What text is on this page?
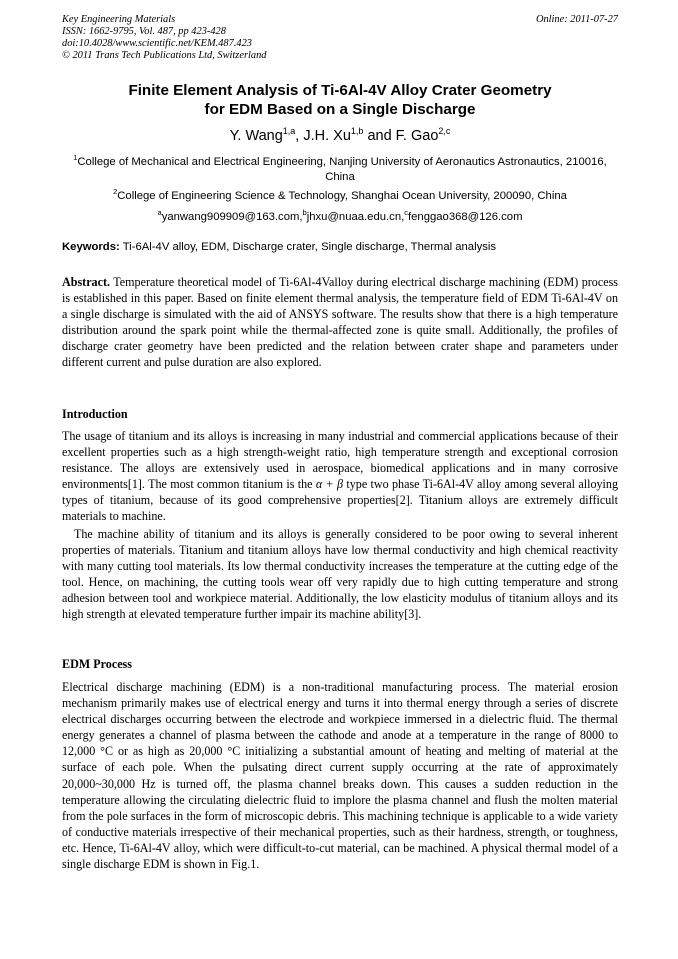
Key Engineering Materials
ISSN: 1662-9795, Vol. 487, pp 423-428
doi:10.4028/www.scientific.net/KEM.487.423
© 2011 Trans Tech Publications Ltd, Switzerland
Online: 2011-07-27
Finite Element Analysis of Ti-6Al-4V Alloy Crater Geometry
for EDM Based on a Single Discharge
Y. Wang$^{1,a}$, J.H. Xu$^{1,b}$ and F. Gao$^{2,c}$
$^1$College of Mechanical and Electrical Engineering, Nanjing University of Aeronautics Astronautics, 210016, China
$^2$College of Engineering Science & Technology, Shanghai Ocean University, 200090, China
$^a$yanwang909909@163.com,$^b$jhxu@nuaa.edu.cn,$^c$fenggao368@126.com
Keywords: Ti-6Al-4V alloy, EDM, Discharge crater, Single discharge, Thermal analysis
Abstract. Temperature theoretical model of Ti-6Al-4Valloy during electrical discharge machining (EDM) process is established in this paper. Based on finite element thermal analysis, the temperature field of EDM Ti-6Al-4V on a single discharge is simulated with the aid of ANSYS software. The results show that there is a high temperature distribution around the spark point while the thermal-affected zone is quite small. Additionally, the profiles of discharge crater geometry have been predicted and the relation between crater shape and parameters under different current and pulse duration are also explored.
Introduction
The usage of titanium and its alloys is increasing in many industrial and commercial applications because of their excellent properties such as a high strength-weight ratio, high temperature strength and exceptional corrosion resistance. The alloys are extensively used in aerospace, biomedical applications and in many corrosive environments[1]. The most common titanium is the α + β type two phase Ti-6Al-4V alloy among several alloying types of titanium, because of its good comprehensive properties[2]. Titanium alloys are extremely difficult materials to machine.
The machine ability of titanium and its alloys is generally considered to be poor owing to several inherent properties of materials. Titanium and titanium alloys have low thermal conductivity and high chemical reactivity with many cutting tool materials. Its low thermal conductivity increases the temperature at the cutting edge of the tool. Hence, on machining, the cutting tools wear off very rapidly due to high cutting temperature and strong adhesion between tool and workpiece material. Additionally, the low elasticity modulus of titanium alloys and its high strength at elevated temperature further impair its machine ability[3].
EDM Process
Electrical discharge machining (EDM) is a non-traditional manufacturing process. The material erosion mechanism primarily makes use of electrical energy and turns it into thermal energy through a series of discrete electrical discharges occurring between the electrode and workpiece immersed in a dielectric fluid. The thermal energy generates a channel of plasma between the cathode and anode at a temperature in the range of 8000 to 12,000 °C or as high as 20,000 °C initializing a substantial amount of heating and melting of material at the surface of each pole. When the pulsating direct current supply occurring at the rate of approximately 20,000~30,000 Hz is turned off, the plasma channel breaks down. This causes a sudden reduction in the temperature allowing the circulating dielectric fluid to implore the plasma channel and flush the molten material from the pole surfaces in the form of microscopic debris. This machining technique is applicable to a wide variety of conductive materials irrespective of their mechanical properties, such as their hardness, strength, or toughness, etc. Hence, Ti-6Al-4V alloy, which were difficult-to-cut material, can be machined. A physical thermal model of a single discharge EDM is shown in Fig.1.
